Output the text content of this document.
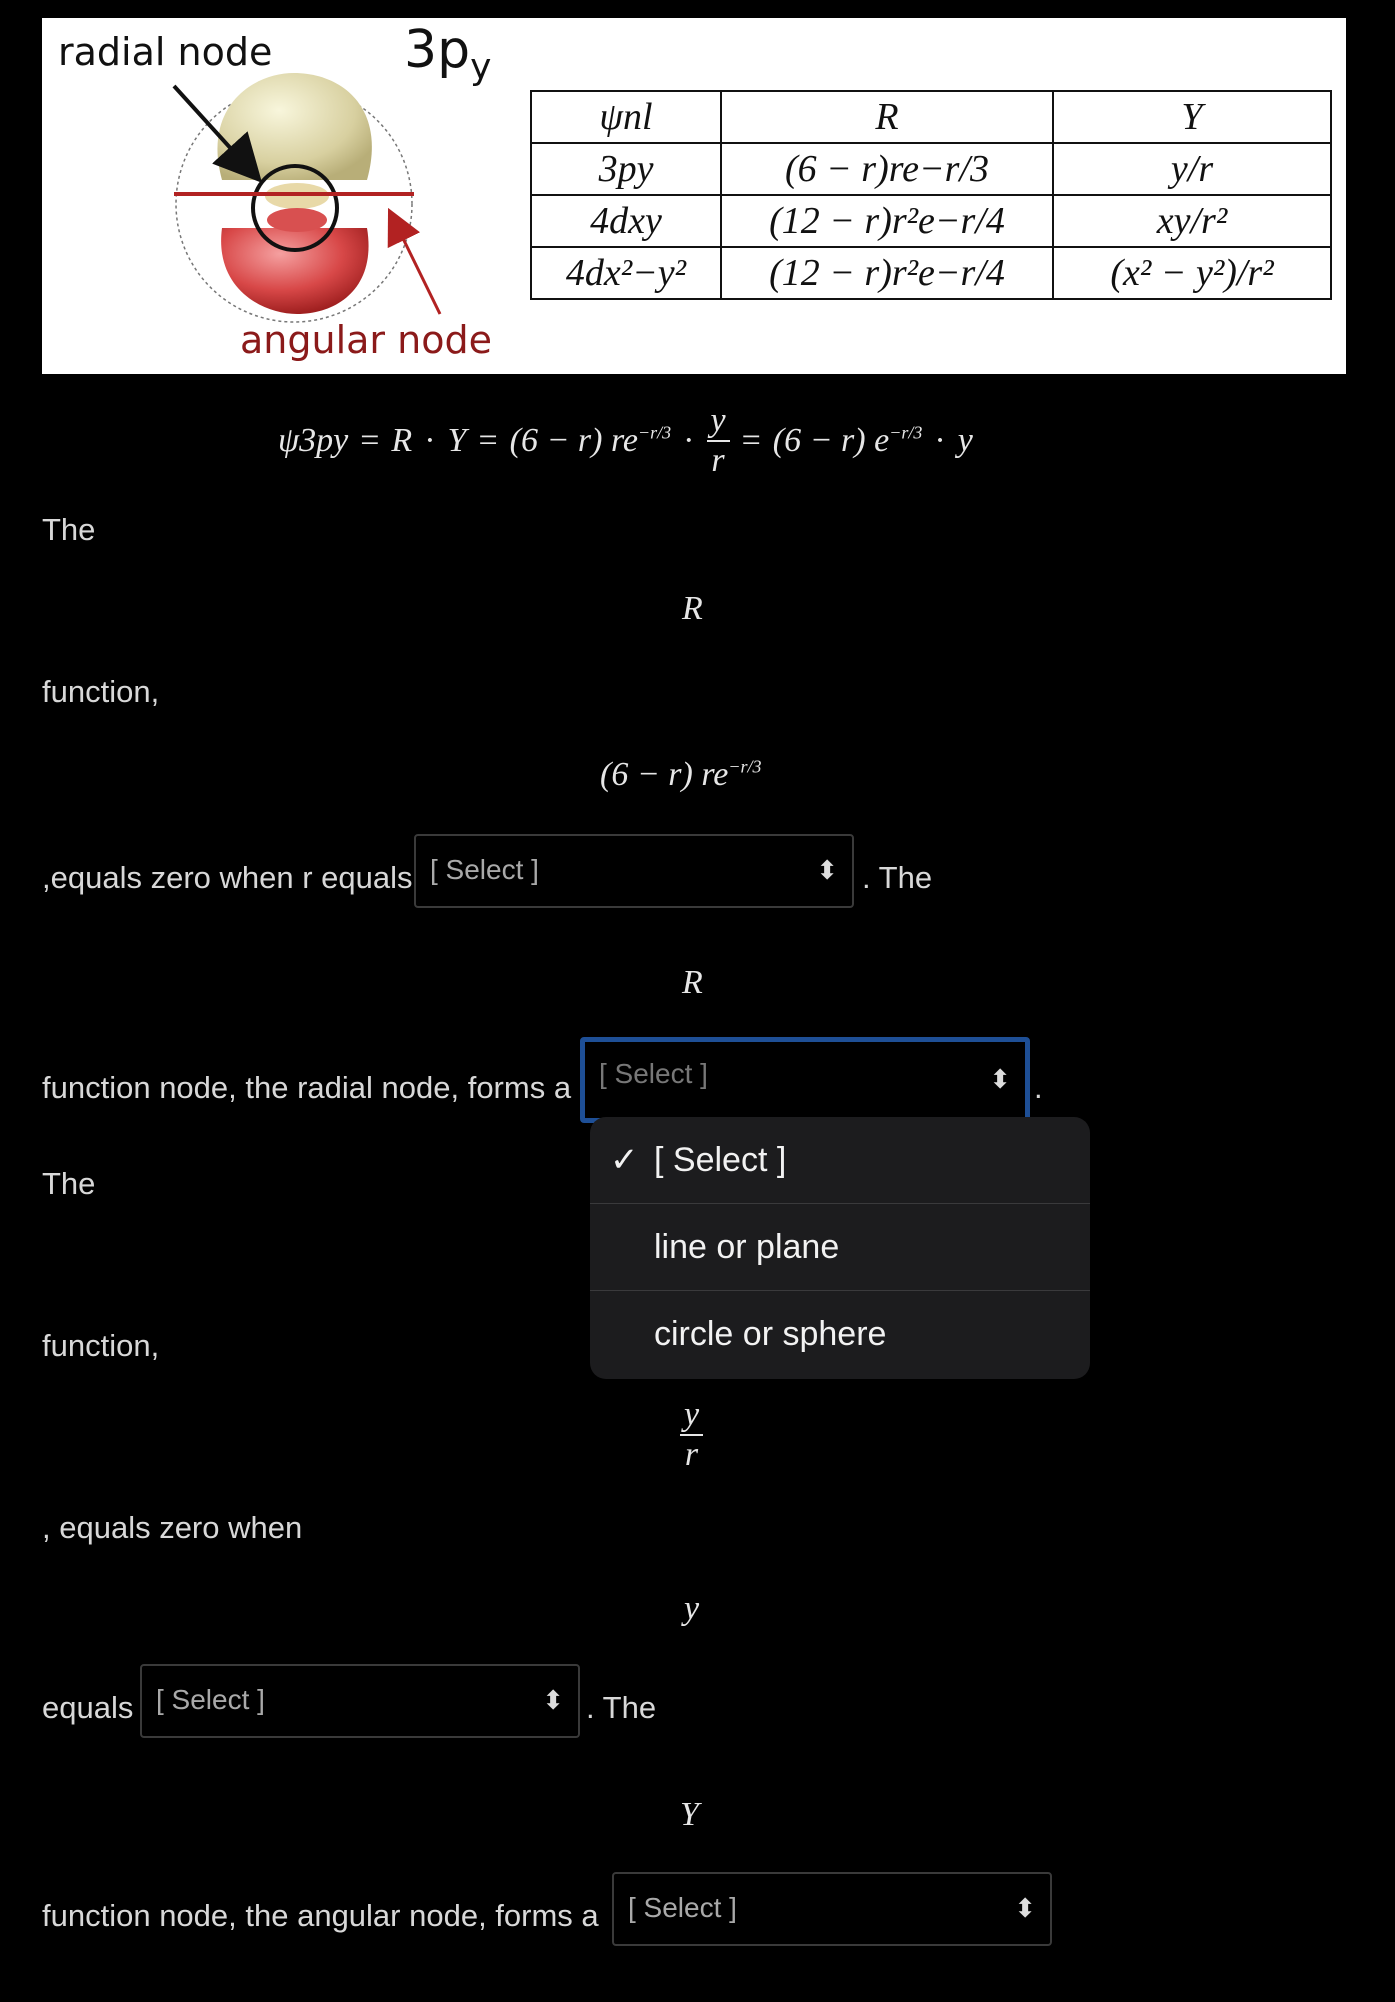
radial node	$3p_y$
angular node
ψnl	R	Y
3py	(6 − r)re−r/3	y/r
4dxy	(12 − r)r²e−r/4	xy/r²
4dx²−y²	(12 − r)r²e−r/4	(x² − y²)/r²
ψ3py = R · Y = (6 − r) $re^{-r/3} \cdot \frac{y}{r} = (6 - r) e^{-r/3} \cdot y$
The
R
function,
(6 − r) $re^{-r/3}$
,equals zero when r equals [ Select ]	⬍ . The
R
function node, the radial node, forms a [ Select ]	⬍ .
The
function,
$\frac{y}{r}$
, equals zero when
y
equals [ Select ]	⬍ . The
Y
function node, the angular node, forms a	[ Select ]	⬍
✓ [ Select ]
line or plane
circle or sphere
